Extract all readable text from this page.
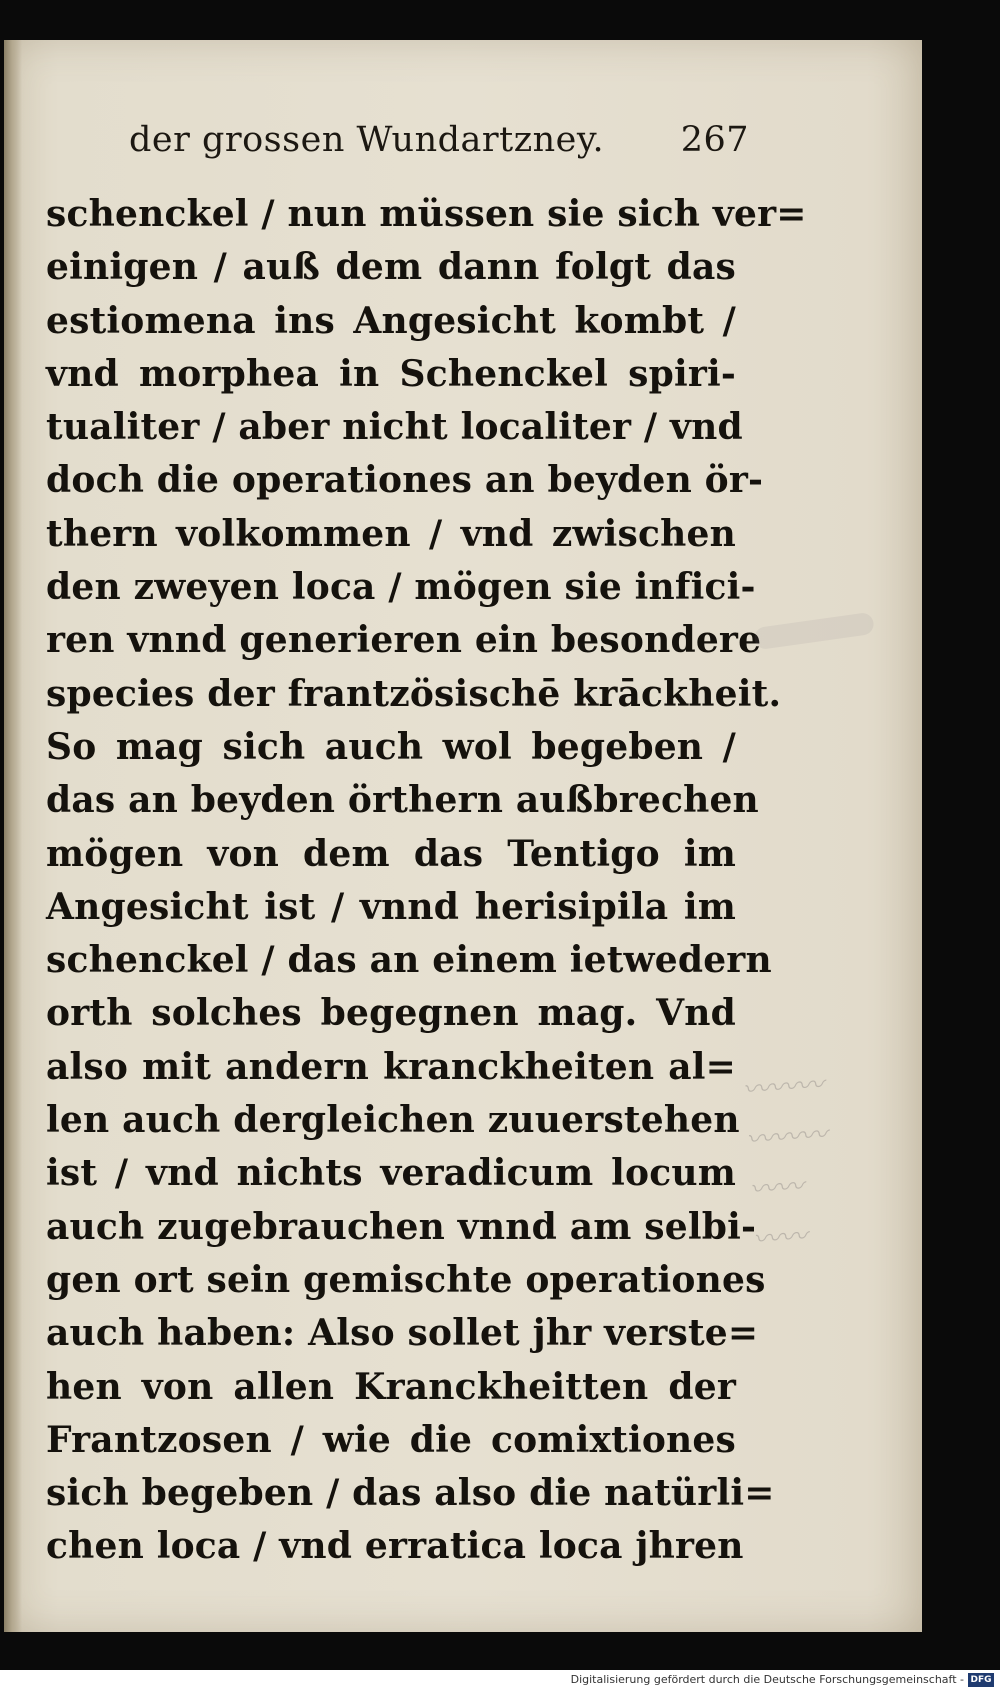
der grossen Wundartzney. 267
schenckel / nun müssen sie sich ver=
einigen / auß dem dann folgt das
estiomena ins Angesicht kombt /
vnd morphea in Schenckel spiri-
tualiter / aber nicht localiter / vnd
doch die operationes an beyden ör-
thern volkommen / vnd zwischen
den zweyen loca / mögen sie infici-
ren vnnd generieren ein besondere
species der frantzösischē krāckheit.
So mag sich auch wol begeben /
das an beyden örthern außbrechen
mögen von dem das Tentigo im
Angesicht ist / vnnd herisipila im
schenckel / das an einem ietwedern
orth solches begegnen mag. Vnd
also mit andern kranckheiten al=
len auch dergleichen zuuerstehen
ist / vnd nichts veradicum locum
auch zugebrauchen vnnd am selbi-
gen ort sein gemischte operationes
auch haben: Also sollet jhr verste=
hen von allen Kranckheitten der
Frantzosen / wie die comixtiones
sich begeben / das also die natürli=
chen loca / vnd erratica loca jhren
〰〰〰
〰〰〰
〰〰
〰〰
Digitalisierung gefördert durch die Deutsche Forschungsgemeinschaft - DFG
